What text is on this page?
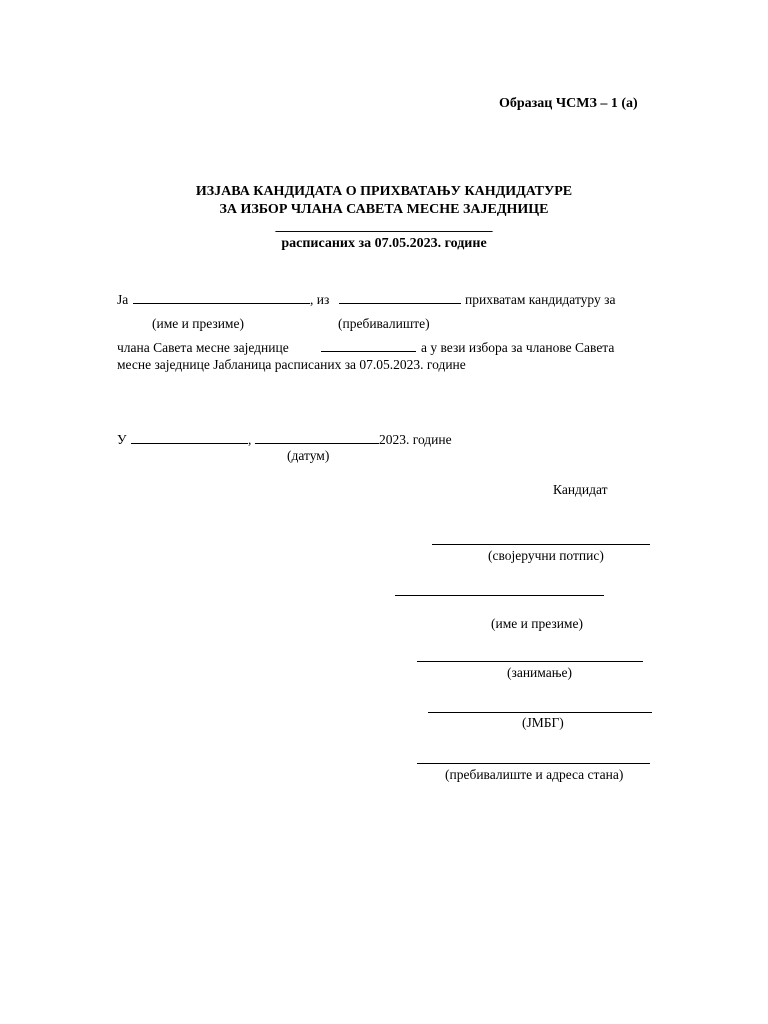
Образац ЧСМЗ – 1 (а)
ИЗЈАВА КАНДИДАТА О ПРИХВАТАЊУ КАНДИДАТУРЕ
ЗА ИЗБОР ЧЛАНА САВЕТА МЕСНЕ ЗАЈЕДНИЦЕ
_______________________________
расписаних за 07.05.2023. године
Ја	, из	прихватам кандидатуру за
(име и презиме)	(пребивалиште)
члана Савета месне заједнице	а у вези избора за чланове Савета
месне заједнице Јабланица расписаних за 07.05.2023. године
У	,	2023. године
(датум)
Кандидат
(својеручни потпис)
(име и презиме)
(занимање)
(ЈМБГ)
(пребивалиште и адреса стана)
